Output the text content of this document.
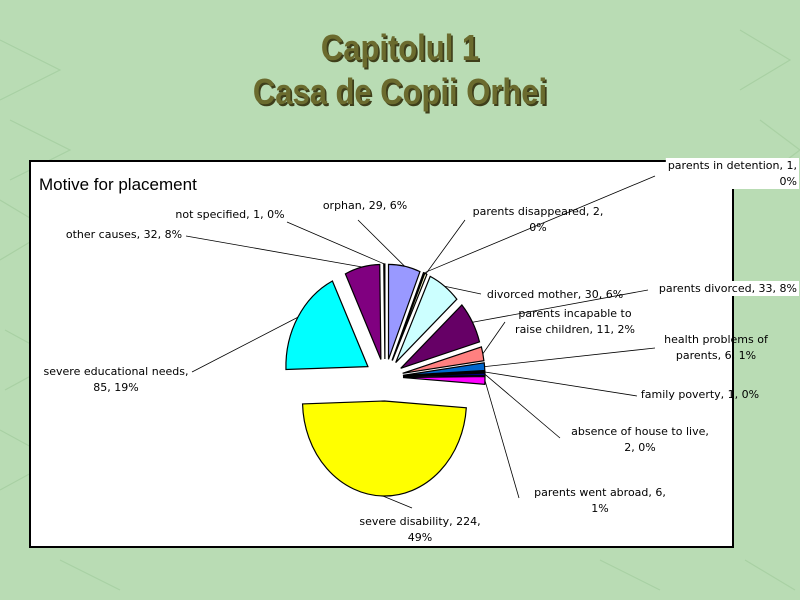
Capitolul 1
Casa de Copii Orhei
Motive for placement
orphan, 29, 6%
parents in detention, 1, 0%
parents disappeared, 2, 0%
divorced mother, 30, 6%	parents divorced, 33, 8%
parents incapable to raise children, 11, 2%
health problems of parents, 6, 1%
family poverty, 1, 0%
absence of house to live, 2, 0%
parents went abroad, 6, 1%
severe disability, 224, 49%
severe educational needs, 85, 19%
other causes, 32, 8%
not specified, 1, 0%
